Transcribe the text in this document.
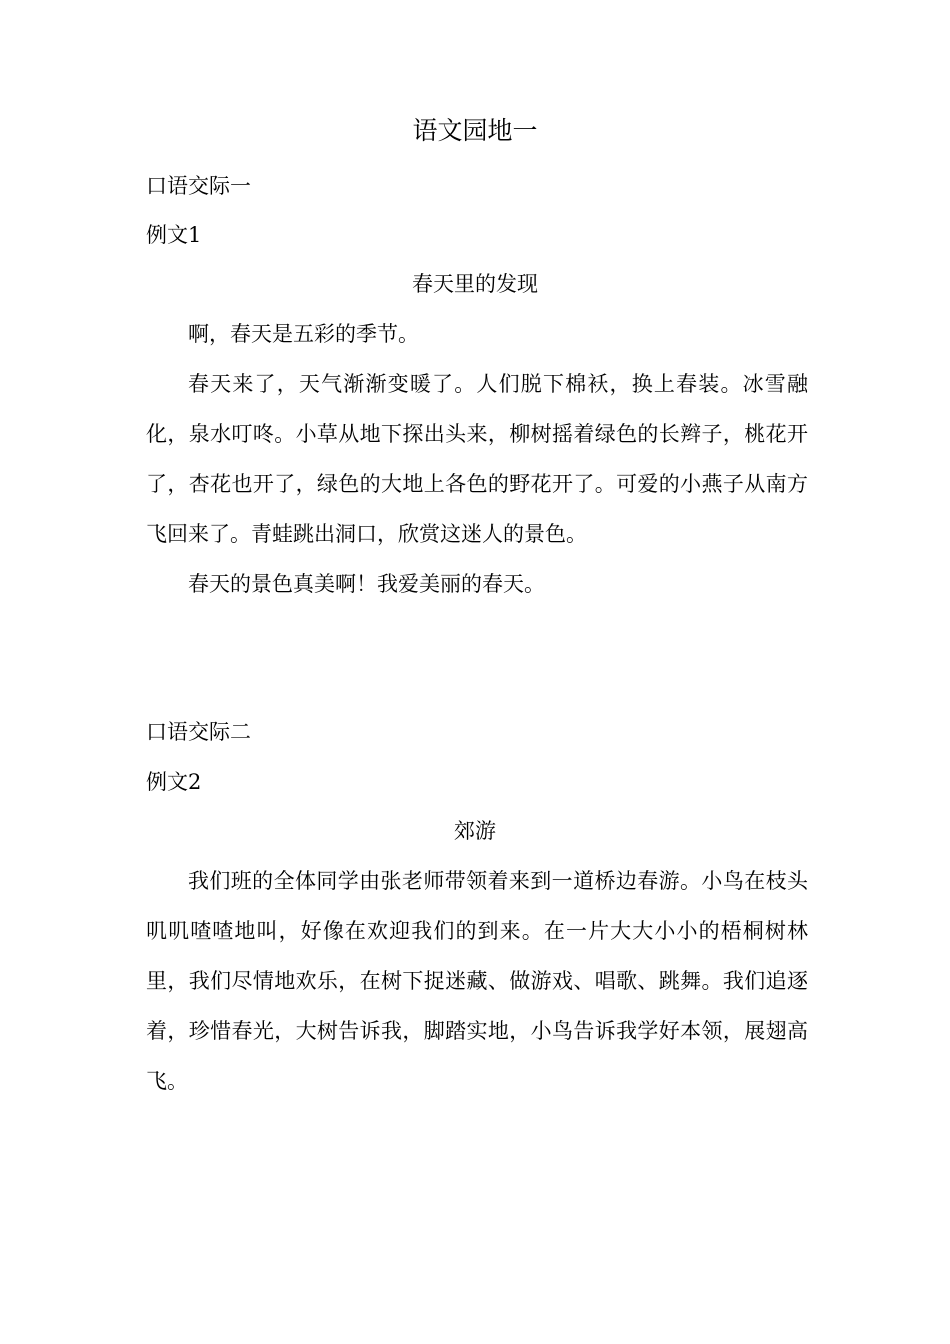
语文园地一

口语交际一

例文1

春天里的发现

啊，春天是五彩的季节。

春天来了，天气渐渐变暖了。人们脱下棉袄，换上春装。冰雪融化，泉水叮咚。小草从地下探出头来，柳树摇着绿色的长辫子，桃花开了，杏花也开了，绿色的大地上各色的野花开了。可爱的小燕子从南方飞回来了。青蛙跳出洞口，欣赏这迷人的景色。

春天的景色真美啊！我爱美丽的春天。

口语交际二

例文2

郊游

我们班的全体同学由张老师带领着来到一道桥边春游。小鸟在枝头叽叽喳喳地叫，好像在欢迎我们的到来。在一片大大小小的梧桐树林里，我们尽情地欢乐，在树下捉迷藏、做游戏、唱歌、跳舞。我们追逐着，珍惜春光，大树告诉我，脚踏实地，小鸟告诉我学好本领，展翅高飞。
